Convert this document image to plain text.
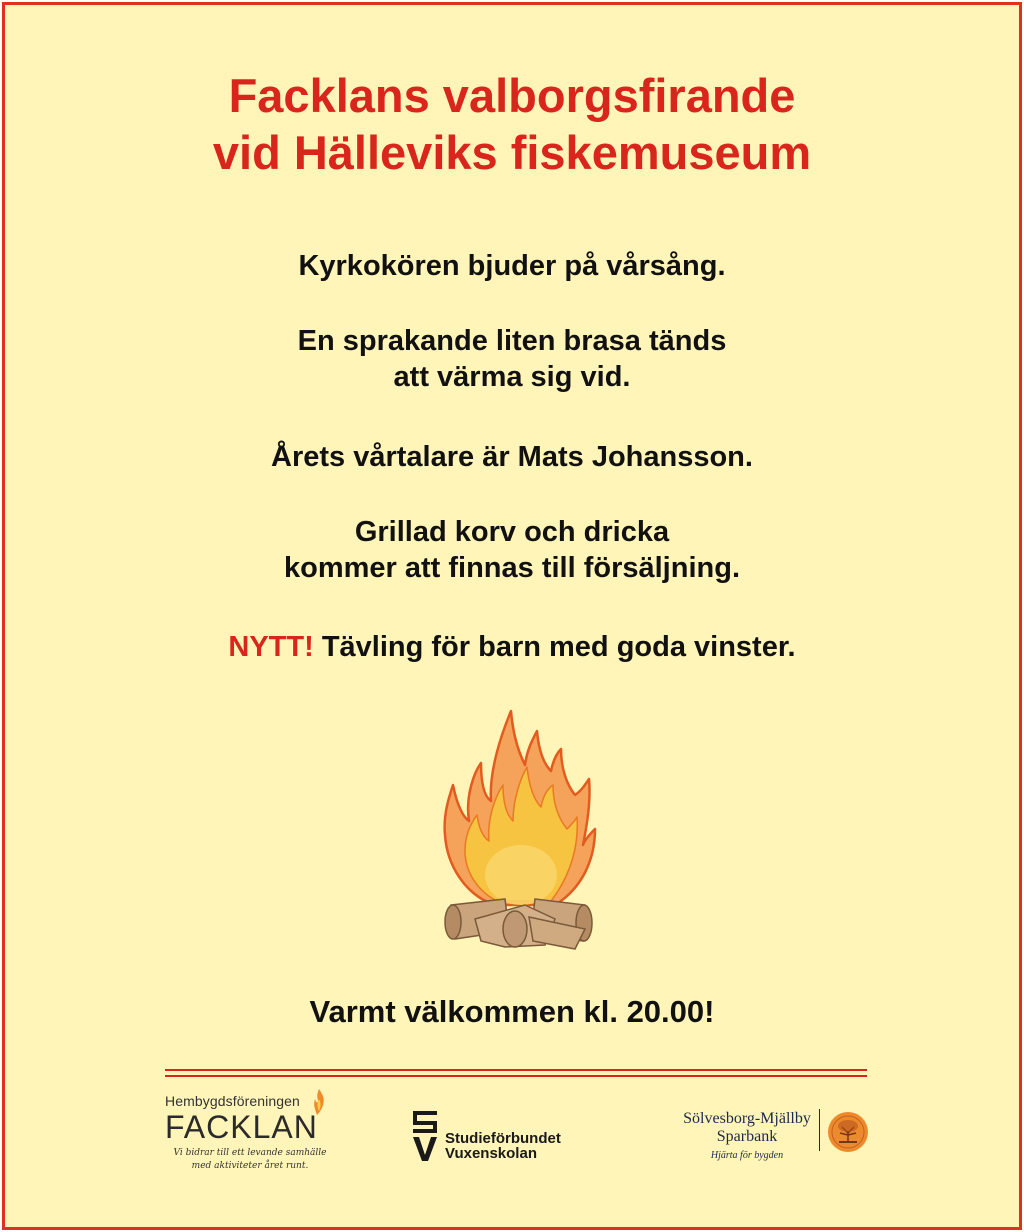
Facklans valborgsfirande
vid Hälleviks fiskemuseum
Kyrkokören bjuder på vårsång.
En sprakande liten brasa tänds
att värma sig vid.
Årets vårtalare är Mats Johansson.
Grillad korv och dricka
kommer att finnas till försäljning.
NYTT! Tävling för barn med goda vinster.
Varmt välkommen kl. 20.00!
Hembygdsföreningen
FACKLAN
Vi bidrar till ett levande samhälle
med aktiviteter året runt.
Studieförbundet
Vuxenskolan
Sölvesborg-Mjällby
Sparbank
Hjärta för bygden
